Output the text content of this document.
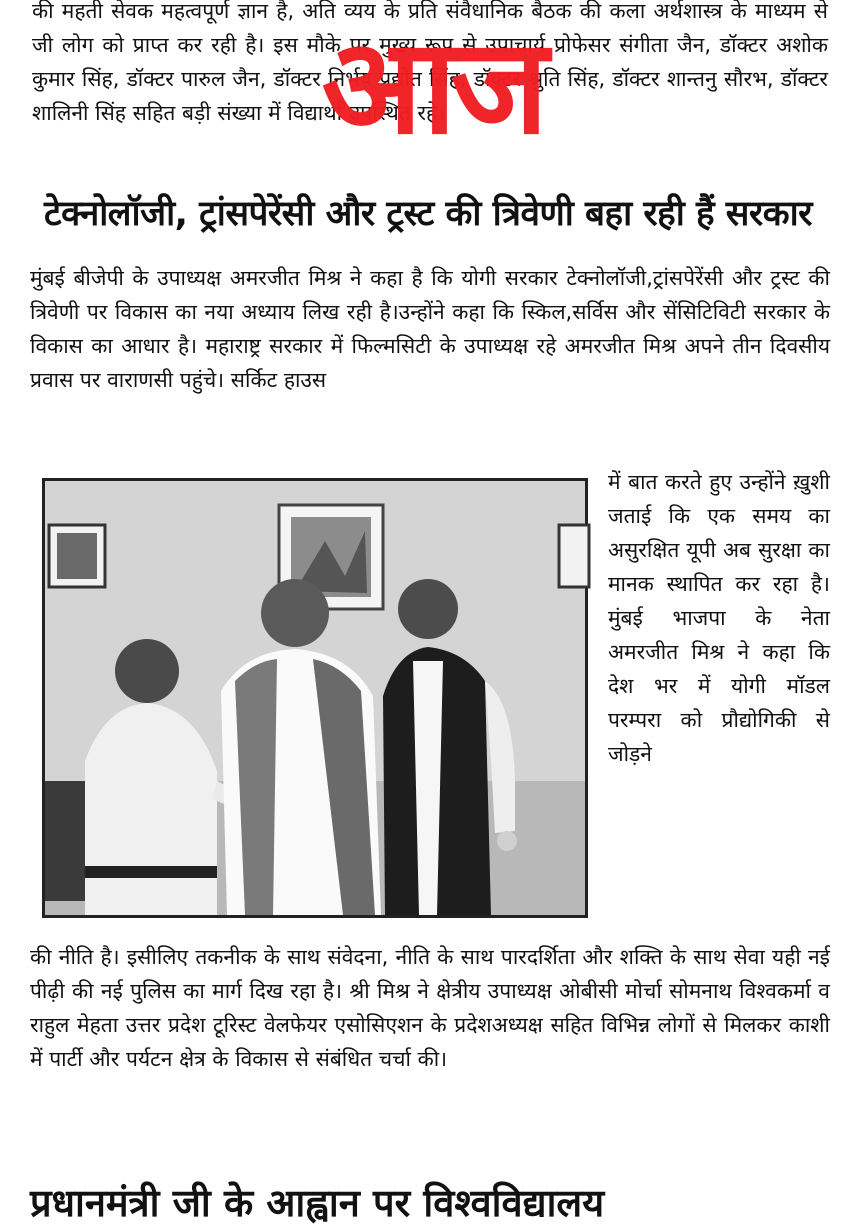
की महती सेवक महत्वपूर्ण ज्ञान है, अति व्यय के प्रति संवैधानिक बैठक की कला अर्थशास्त्र के माध्यम से जी लोग को प्राप्त कर रही है। इस मौके पर मुख्य रूप से उपाचार्य प्रोफेसर संगीता जैन, डॉक्टर अशोक कुमार सिंह, डॉक्टर पारुल जैन, डॉक्टर निर्भय प्रद्योत सिंह, डॉक्टर श्रुति सिंह, डॉक्टर शान्तनु सौरभ, डॉक्टर शालिनी सिंह सहित बड़ी संख्या में विद्यार्थी उपस्थित रहे।

टेक्नोलॉजी, ट्रांसपेरेंसी और ट्रस्ट की त्रिवेणी बहा रही हैं सरकार

मुंबई बीजेपी के उपाध्यक्ष अमरजीत मिश्र ने कहा है कि योगी सरकार टेक्नोलॉजी,ट्रांसपेरेंसी और ट्रस्ट की त्रिवेणी पर विकास का नया अध्याय लिख रही है।उन्होंने कहा कि स्किल,सर्विस और सेंसिटिविटी सरकार के विकास का आधार है। महाराष्ट्र सरकार में फिल्मसिटी के उपाध्यक्ष रहे अमरजीत मिश्र अपने तीन दिवसीय प्रवास पर वाराणसी पहुंचे। सर्किट हाउस

में बात करते हुए उन्होंने ख़ुशी जताई कि एक समय का असुरक्षित यूपी अब सुरक्षा का मानक स्थापित कर रहा है।मुंबई भाजपा के नेता अमरजीत मिश्र ने कहा कि देश भर में योगी मॉडल परम्परा को प्रौद्योगिकी से जोड़ने

की नीति है। इसीलिए तकनीक के साथ संवेदना, नीति के साथ पारदर्शिता और शक्ति के साथ सेवा यही नई पीढ़ी की नई पुलिस का मार्ग दिख रहा है। श्री मिश्र ने क्षेत्रीय उपाध्यक्ष ओबीसी मोर्चा सोमनाथ विश्वकर्मा व राहुल मेहता उत्तर प्रदेश टूरिस्ट वेलफेयर एसोसिएशन के प्रदेशअध्यक्ष सहित विभिन्न लोगों से मिलकर काशी में पार्टी और पर्यटन क्षेत्र के विकास से संबंधित चर्चा की।

प्रधानमंत्री जी के आह्वान पर विश्वविद्यालय
आज
